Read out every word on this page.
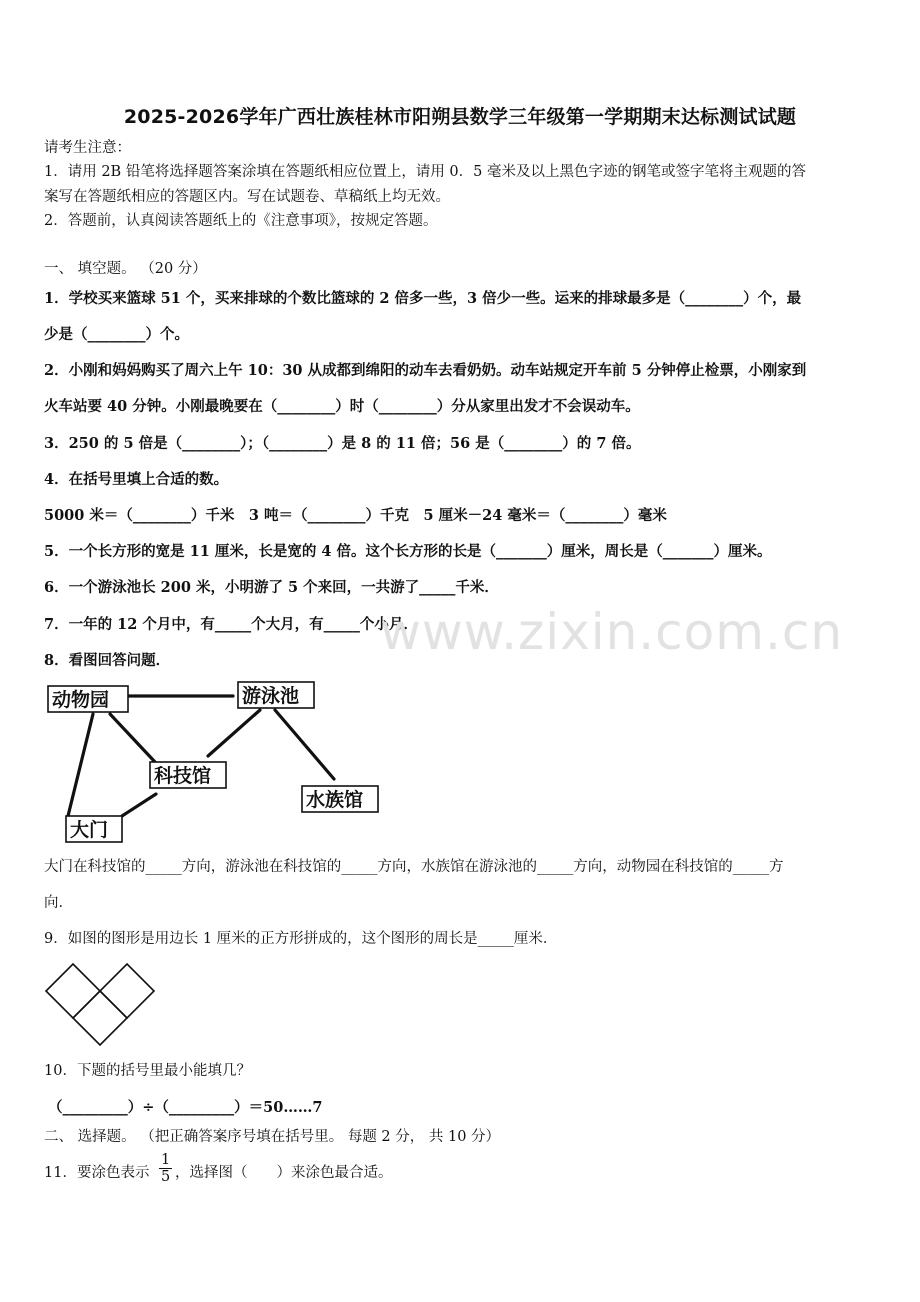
2025-2026学年广西壮族桂林市阳朔县数学三年级第一学期期末达标测试试题
请考生注意：
1．请用 2B 铅笔将选择题答案涂填在答题纸相应位置上，请用 0．5 毫米及以上黑色字迹的钢笔或签字笔将主观题的答
案写在答题纸相应的答题区内。写在试题卷、草稿纸上均无效。
2．答题前，认真阅读答题纸上的《注意事项》，按规定答题。
一、 填空题。 （20 分）
1．学校买来篮球 51 个，买来排球的个数比篮球的 2 倍多一些，3 倍少一些。运来的排球最多是（________）个，最
少是（________）个。
2．小刚和妈妈购买了周六上午 10：30 从成都到绵阳的动车去看奶奶。动车站规定开车前 5 分钟停止检票，小刚家到
火车站要 40 分钟。小刚最晚要在（________）时（________）分从家里出发才不会误动车。
3．250 的 5 倍是（________）；（________）是 8 的 11 倍；56 是（________）的 7 倍。
4．在括号里填上合适的数。
5000 米＝（________）千米　3 吨＝（________）千克　5 厘米－24 毫米＝（________）毫米
5．一个长方形的宽是 11 厘米，长是宽的 4 倍。这个长方形的长是（_______）厘米，周长是（_______）厘米。
6．一个游泳池长 200 米，小明游了 5 个来回，一共游了_____千米．
7．一年的 12 个月中，有_____个大月，有_____个小月．
8．看图回答问题．	www.zixin.com.cn
动物园	游泳池
科技馆
水族馆
大门
大门在科技馆的_____方向，游泳池在科技馆的_____方向，水族馆在游泳池的_____方向，动物园在科技馆的_____方
向．
9．如图的图形是用边长 1 厘米的正方形拼成的，这个图形的周长是_____厘米．
10．下题的括号里最小能填几？
（_________）÷（_________）＝50……7
二、 选择题。 （把正确答案序号填在括号里。 每题 2 分， 共 10 分）
11．要涂色表示 $\frac{1}{5}$ ，选择图（　　）来涂色最合适。
